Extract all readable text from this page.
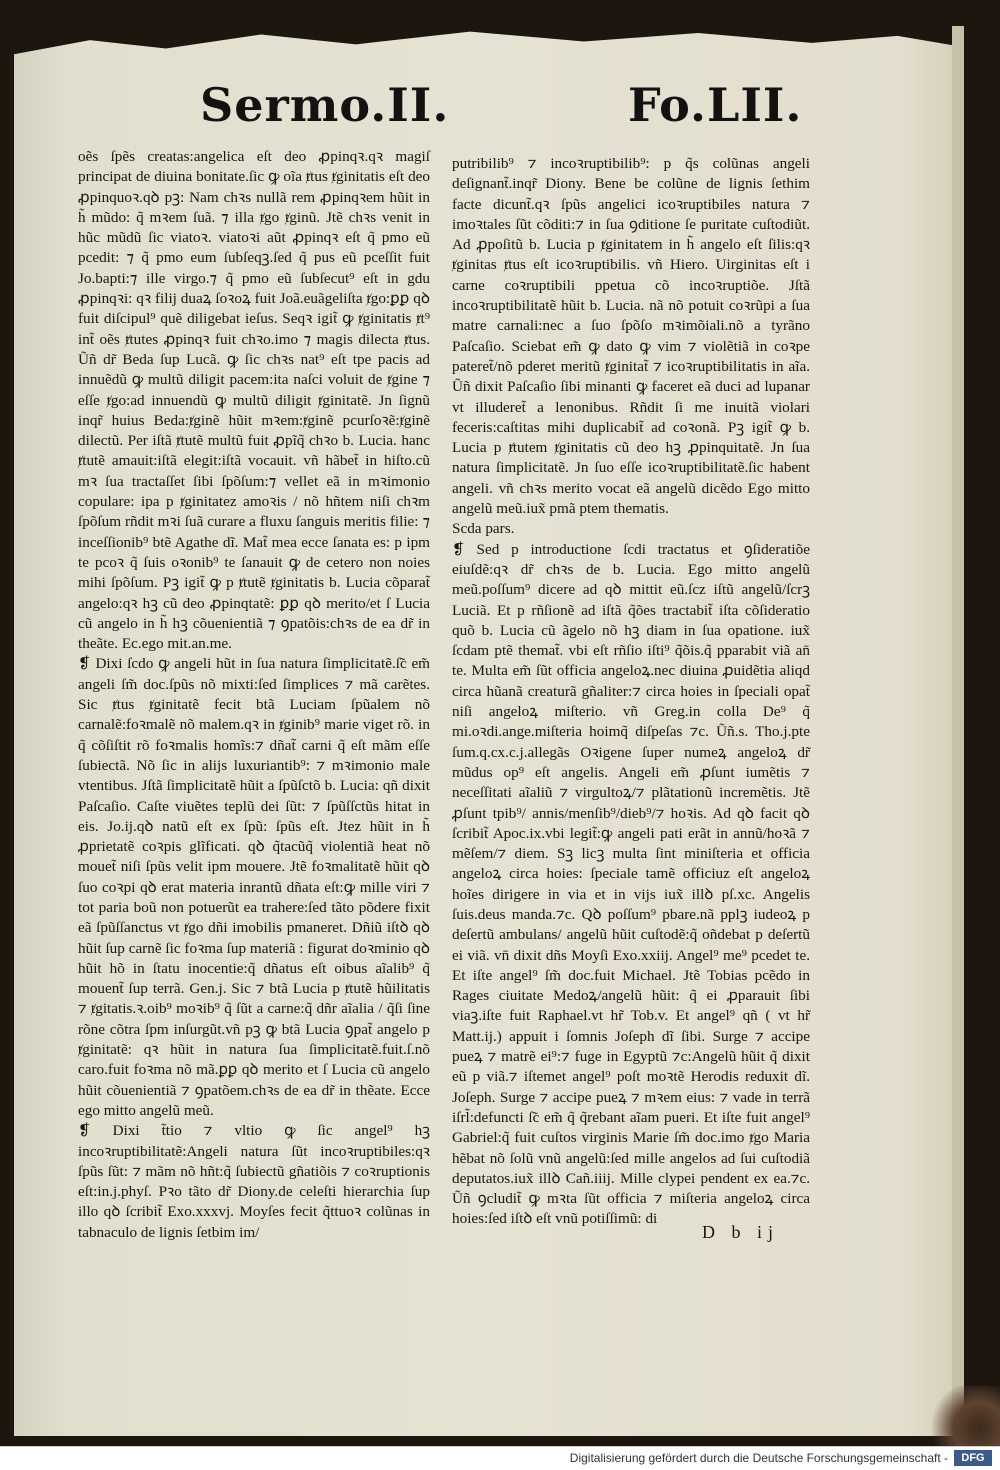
Sermo.II.	Fo.LII.
oẽs ſpẽs creatas:angelica eſt deo ꝓpinqꝛ.qꝛ magiſ principat de diuina bonitate.ſic ꝙ oĩa ⱦtus ⱦginitatis eſt deo ꝓpinquoꝛ.qꝺ pꝫ: Nam chꝛs nullã rem ꝓpinqꝛem hũit in h̃ mũdo: q̃ mꝛem ſuã. ⁊ illa ⱦgo ⱦginũ. Jtẽ chꝛs venit in hũc mũdũ ſic viatoꝛ. viatoꝛi aũt ꝓpinqꝛ eſt q̃ pmo eũ pcedit: ⁊ q̃ pmo eum ſubſeqꝫ.ſed q̃ pus eũ pceſſit fuit Jo.bapti:⁊ ille virgo.⁊ q̃ pmo eũ ſubſecut⁹ eſt in gdu ꝓpinqꝛi: qꝛ filij duaꝝ ſoꝛoꝝ fuit Joã.euãgeliſta ⱦgo:ꝑꝑ qꝺ fuit diſcipul⁹ quẽ diligebat ieſus. Seqꝛ igit̃ ꝙ ⱦginitatis ⱦt⁹ int̃ oẽs ⱦtutes ꝓpinqꝛ fuit chꝛo.imo ⁊ magis dilecta ⱦtus. Ũñ dr̃ Beda ſup Lucã. ꝙ ſic chꝛs nat⁹ eſt tpe pacis ad innuẽdũ ꝙ multũ diligit pacem:ita naſci voluit de ⱦgine ⁊ eſſe ⱦgo:ad innuendũ ꝙ multũ diligit ⱦginitatẽ. Jn ſignũ inqr̃ huius Beda:ⱦginẽ hũit mꝛem:ⱦginẽ pcurſoꝛẽ:ⱦginẽ dilectũ. Per iſtã ⱦtutẽ multũ fuit ꝓpĩq̃ chꝛo b. Lucia. hanc ⱦtutẽ amauit:iſtã elegit:iſtã vocauit. vñ hãbet̃ in hiſto.cũ mꝛ ſua tractaſſet ſibi ſpõſum:⁊ vellet eã in mꝛimonio copulare: ipa p ⱦginitatez amoꝛis / nõ hñtem niſi chꝛm ſpõſum rñdit mꝛi ſuã curare a fluxu ſanguis meritis filie: ⁊ inceſſionib⁹ btẽ Agathe dĩ. Mat̃ mea ecce ſanata es: p ipm te pcoꝛ q̃ ſuis oꝛonib⁹ te ſanauit ꝙ de cetero non noies mihi ſpõſum. Pꝫ igit̃ ꝙ p ⱦtutẽ ⱦginitatis b. Lucia cõparat̃ angelo:qꝛ hꝫ cũ deo ꝓpinqtatẽ: ꝑꝑ qꝺ merito/et ſ Lucia cũ angelo in h̃ hꝫ cõuenientiã ⁊ ꝯpatõis:chꝛs de ea dr̃ in theãte. Ec.ego mit.an.me.
❡ Dixi ſcdo ꝙ angeli hũt in ſua natura ſimplicitatẽ.ſ̃c em̃ angeli ſm̃ doc.ſpũs nõ mixti:ſed ſimplices ⁊ mã carẽtes. Sic ⱦtus ⱦginitatẽ fecit btã Luciam ſpũalem nõ carnalẽ:foꝛmalẽ nõ malem.qꝛ in ⱦginib⁹ marie viget rõ. in q̃ cõſiſtit rõ foꝛmalis homĩs:⁊ dñat̃ carni q̃ eſt mãm eſſe ſubiectã. Nõ ſic in alijs luxuriantib⁹: ⁊ mꝛimonio male vtentibus. Jſtã ſimplicitatẽ hũit a ſpũſctõ b. Lucia: qñ dixit Paſcaſio. Caſte viuẽtes teplũ dei ſũt: ⁊ ſpũſſctũs hitat in eis. Jo.ij.qꝺ natũ eſt ex ſpũ: ſpũs eſt. Jtez hũit in h̃ ꝓprietatẽ coꝛpis glĩficati. qꝺ q̃tacũq̃ violentiã heat nõ mouet̃ niſi ſpũs velit ipm mouere. Jtẽ foꝛmalitatẽ hũit qꝺ ſuo coꝛpi qꝺ erat materia inrantũ dñata eſt:ꝙ mille viri ⁊ tot paria boũ non potuerũt ea trahere:ſed tãto põdere fixit eã ſpũſſanctus vt ⱦgo dñi imobilis pmaneret. Dñiũ iſtꝺ qꝺ hũit ſup carnẽ ſic foꝛma ſup materiã : figurat doꝛminio qꝺ hũit hõ in ſtatu inocentie:q̃ dñatus eſt oibus aĩalib⁹ q̃ mouent̃ ſup terrã. Gen.j. Sic ⁊ btã Lucia p ⱦtutẽ hũilitatis ⁊ ⱦgitatis.ꝛ.oib⁹ moꝛib⁹ q̃ ſũt a carne:q̃ dñr aĩalia / q̃ſi ſine rõne cõtra ſpm inſurgũt.vñ pꝫ ꝙ btã Lucia ꝯpat̃ angelo p ⱦginitatẽ: qꝛ hũit in natura ſua ſimplicitatẽ.fuit.ſ.nõ caro.fuit foꝛma nõ mã.ꝑꝑ qꝺ merito et ſ Lucia cũ angelo hũit cõuenientiã ⁊ ꝯpatõem.chꝛs de ea dr̃ in thẽate. Ecce ego mitto angelũ meũ.
❡ Dixi t̃tio ⁊ vltio ꝙ ſic angel⁹ hꝫ incoꝛruptibilitatẽ:Angeli natura ſũt incoꝛruptibiles:qꝛ ſpũs ſũt: ⁊ mãm nõ hñt:q̃ ſubiectũ gñatiõis ⁊ coꝛruptionis eſt:in.j.phyſ. Pꝛo tãto dr̃ Diony.de celeſti hierarchia ſup illo qꝺ ſcribit̃ Exo.xxxvj. Moyſes fecit q̃ttuoꝛ colũnas in tabnaculo de lignis ſetbim im/
putribilib⁹ ⁊ incoꝛruptibilib⁹: p q̃s colũnas angeli deſignant̃.inqr̃ Diony. Bene be colũne de lignis ſethim facte dicunt̃.qꝛ ſpũs angelici icoꝛruptibiles natura ⁊ imoꝛtales ſũt cõditi:⁊ in ſua ꝯditione ſe puritate cuſtodiũt. Ad ꝓpoſitũ b. Lucia p ⱦginitatem in h̃ angelo eſt ſilis:qꝛ ⱦginitas ⱦtus eſt icoꝛruptibilis. vñ Hiero. Uirginitas eſt i carne coꝛruptibili ppetua cõ incoꝛruptiõe. Jſtã incoꝛruptibilitatẽ hũit b. Lucia. nã nõ potuit coꝛrũpi a ſua matre carnali:nec a ſuo ſpõſo mꝛimõiali.nõ a tyrãno Paſcaſio. Sciebat em̃ ꝙ dato ꝙ vim ⁊ violẽtiã in coꝛpe pateret̃/nõ pderet meritũ ⱦginitat̃ ⁊ icoꝛruptibilitatis in aĩa. Ũñ dixit Paſcaſio ſibi minanti ꝙ faceret eã duci ad lupanar vt illuderet̃ a lenonibus. Rñdit ſi me inuitã violari feceris:caſtitas mihi duplicabit̃ ad coꝛonã. Pꝫ igit̃ ꝙ b. Lucia p ⱦtutem ⱦginitatis cũ deo hꝫ ꝓpinquitatẽ. Jn ſua natura ſimplicitatẽ. Jn ſuo eſſe icoꝛruptibilitatẽ.ſic habent angeli. vñ chꝛs merito vocat eã angelũ dicẽdo Ego mitto angelũ meũ.iux̃ pmã ptem thematis.
Scda pars.
❡ Sed p introductione ſcdi tractatus et ꝯſideratiõe eiuſdẽ:qꝛ dr̃ chꝛs de b. Lucia. Ego mitto angelũ meũ.poſſum⁹ dicere ad qꝺ mittit eũ.ſcz iſtũ angelũ/ſcrꝫ Luciã. Et p rñſionẽ ad iſtã q̃ões tractabit̃ iſta cõſideratio quõ b. Lucia cũ ãgelo nõ hꝫ diam in ſua opatione. iux̃ ſcdam ptẽ themat̃. vbi eſt rñſio iſti⁹ q̃õis.q̃ pparabit viã an̄ te. Multa em̃ ſũt officia angeloꝝ.nec diuina ꝓuidẽtia aliqd circa hũanã creaturã gñaliter:⁊ circa hoies in ſpeciali opat̃ niſi angeloꝝ miſterio. vñ Greg.in colla De⁹ q̃ mi.oꝛdi.ange.miſteria hoimq̃ diſpeſas ⁊c. Ũñ.s. Tho.j.pte ſum.q.cx.c.j.allegãs Oꝛigene ſuper numeꝝ angeloꝝ dr̃ mũdus op⁹ eſt angelis. Angeli em̃ ꝓſunt iumẽtis ⁊ neceſſitati aĩaliũ ⁊ virgultoꝝ/⁊ plãtationũ incremẽtis. Jtẽ ꝓſunt tpib⁹/ annis/menſib⁹/dieb⁹/⁊ hoꝛis. Ad qꝺ facit qꝺ ſcribit̃ Apoc.ix.vbi legit̃:ꝙ angeli pati erãt in annũ/hoꝛã ⁊ mẽſem/⁊ diem. Sꝫ licꝫ multa ſint miniſteria et officia angeloꝝ circa hoies: ſpeciale tamẽ officiuz eſt angeloꝝ hoĩes dirigere in via et in vijs iux̃ illꝺ pſ.xc. Angelis ſuis.deus manda.⁊c. Qꝺ poſſum⁹ pbare.nã pplꝫ iudeoꝝ p deſertũ ambulans/ angelũ hũit cuſtodẽ:q̃ oñdebat p deſertũ ei viã. vn̄ dixit dñs Moyſi Exo.xxiij. Angel⁹ me⁹ pcedet te. Et iſte angel⁹ ſm̃ doc.fuit Michael. Jtẽ Tobias pcẽdo in Rages ciuitate Medoꝝ/angelũ hũit: q̃ ei ꝓparauit ſibi viaꝫ.iſte fuit Raphael.vt hr̃ Tob.v. Et angel⁹ qñ ( vt hr̃ Matt.ij.) appuit i ſomnis Joſeph dĩ ſibi. Surge ⁊ accipe pueꝝ ⁊ matrẽ ei⁹:⁊ fuge in Egyptũ ⁊c:Angelũ hũit q̃ dixit eũ p viã.⁊ iſtemet angel⁹ poſt moꝛtẽ Herodis reduxit dĩ. Joſeph. Surge ⁊ accipe pueꝝ ⁊ mꝛem eius: ⁊ vade in terrã iſrl̃:defuncti ſ̃c em̃ q̃ q̃rebant aĩam pueri. Et iſte fuit angel⁹ Gabriel:q̃ fuit cuſtos virginis Marie ſm̃ doc.imo ⱦgo Maria hẽbat nõ ſolũ vnũ angelũ:ſed mille angelos ad ſui cuſtodiã deputatos.iux̃ illꝺ Cañ.iiij. Mille clypei pendent ex ea.⁊c. Ũñ ꝯcludit̃ ꝙ mꝛta ſũt officia ⁊ miſteria angeloꝝ circa hoies:ſed iſtꝺ eſt vnũ potiſſimũ: di
D b ij
Digitalisierung gefördert durch die Deutsche Forschungsgemeinschaft -	DFG
